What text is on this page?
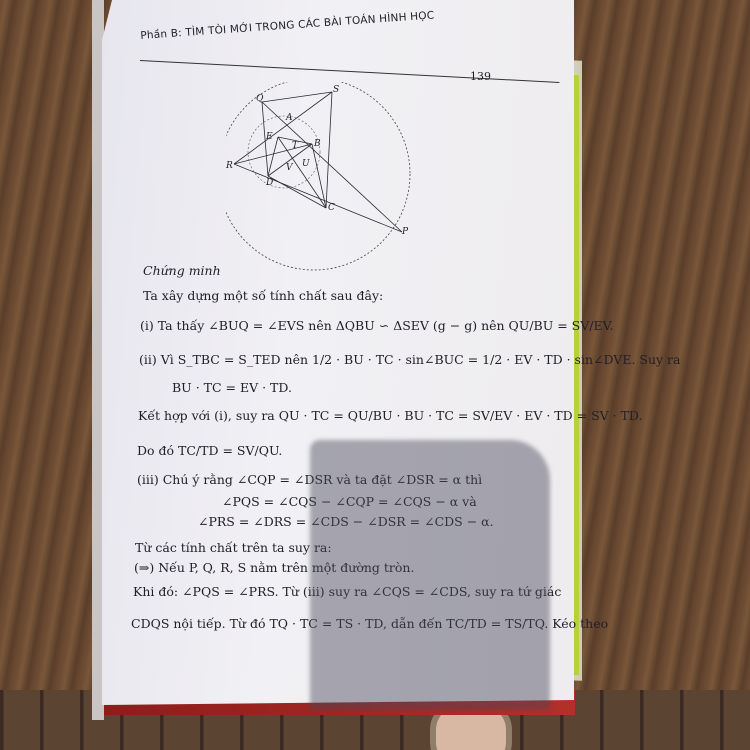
Phần B: TÌM TÒI MỚI TRONG CÁC BÀI TOÁN HÌNH HỌC
139
Q
S
A
E
B
T
V U
R
D
C
P
Chứng minh
Ta xây dựng một số tính chất sau đây:
(i) Ta thấy ∠BUQ = ∠EVS nên ΔQBU ∽ ΔSEV (g − g) nên QU/BU = SV/EV.
(ii) Vì S_TBC = S_TED nên 1/2 · BU · TC · sin∠BUC = 1/2 · EV · TD · sin∠DVE. Suy ra
BU · TC = EV · TD.
Kết hợp với (i), suy ra QU · TC = QU/BU · BU · TC = SV/EV · EV · TD = SV · TD.
Do đó TC/TD = SV/QU.
(iii) Chú ý rằng ∠CQP = ∠DSR và ta đặt ∠DSR = α thì
∠PQS = ∠CQS − ∠CQP = ∠CQS − α và
∠PRS = ∠DRS = ∠CDS − ∠DSR = ∠CDS − α.
Từ các tính chất trên ta suy ra:
(⇒) Nếu P, Q, R, S nằm trên một đường tròn.
Khi đó: ∠PQS = ∠PRS. Từ (iii) suy ra ∠CQS = ∠CDS, suy ra tứ giác
CDQS nội tiếp. Từ đó TQ · TC = TS · TD, dẫn đến TC/TD = TS/TQ. Kéo theo
